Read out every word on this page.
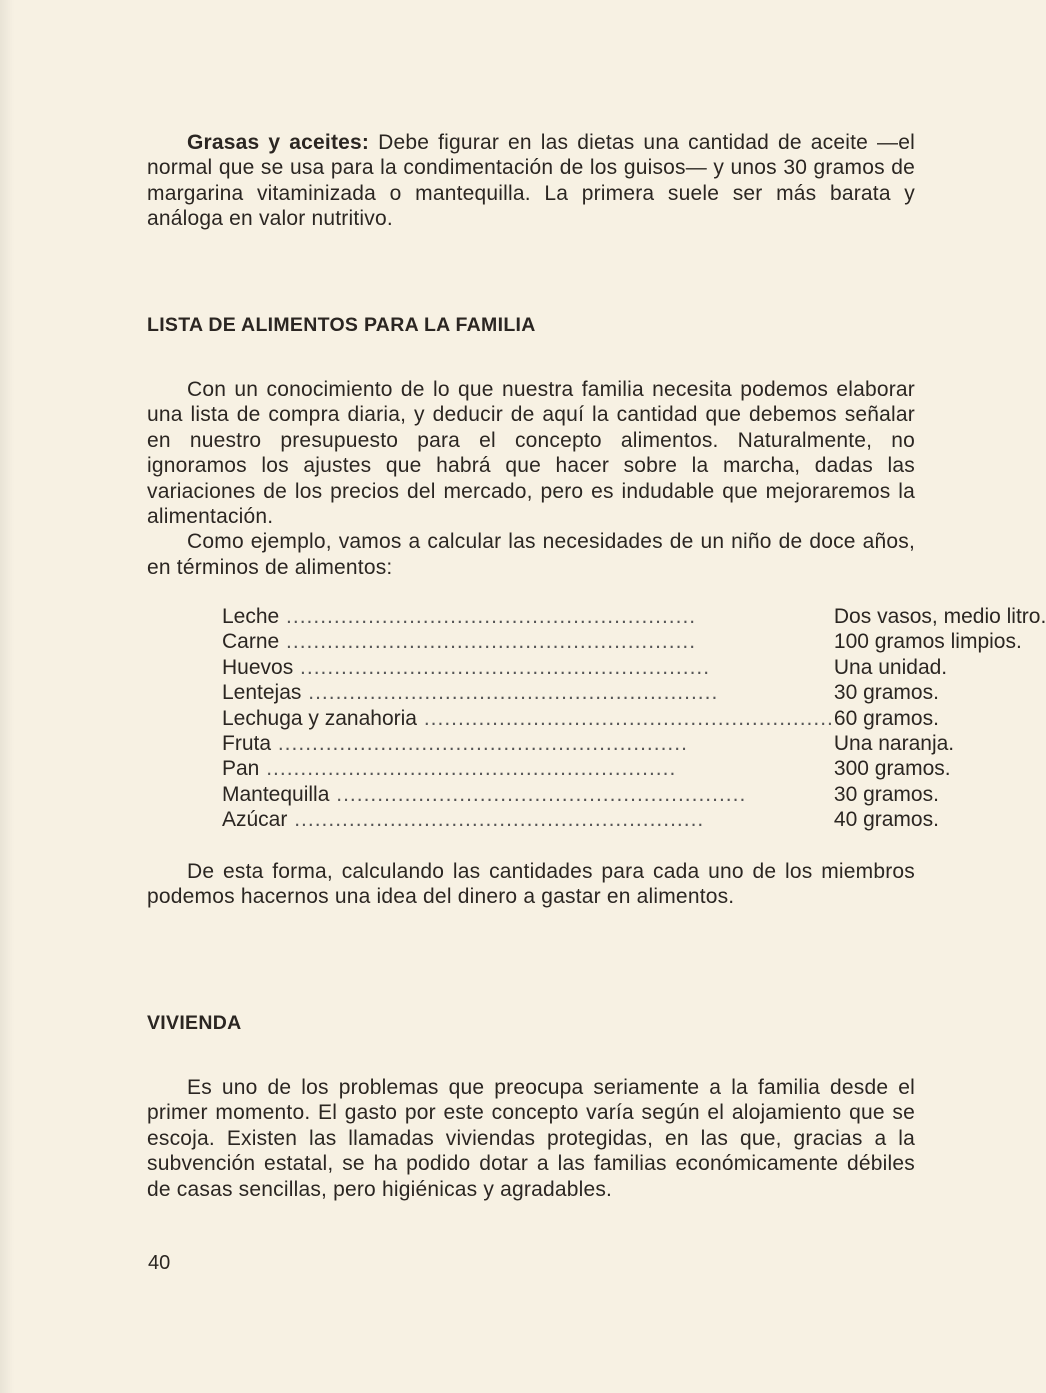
Grasas y aceites: Debe figurar en las dietas una cantidad de aceite —el normal que se usa para la condimentación de los guisos— y unos 30 gramos de margarina vitaminizada o mantequilla. La primera suele ser más barata y análoga en valor nutritivo.

LISTA DE ALIMENTOS PARA LA FAMILIA

Con un conocimiento de lo que nuestra familia necesita podemos elaborar una lista de compra diaria, y deducir de aquí la cantidad que debemos señalar en nuestro presupuesto para el concepto alimentos. Naturalmente, no ignoramos los ajustes que habrá que hacer sobre la marcha, dadas las variaciones de los precios del mercado, pero es indudable que mejoraremos la alimentación.

Como ejemplo, vamos a calcular las necesidades de un niño de doce años, en términos de alimentos:

Leche ............................................................	Dos vasos, medio litro.
Carne ............................................................	100 gramos limpios.
Huevos ............................................................	Una unidad.
Lentejas ............................................................	30 gramos.
Lechuga y zanahoria ............................................................	60 gramos.
Fruta ............................................................	Una naranja.
Pan ............................................................	300 gramos.
Mantequilla ............................................................	30 gramos.
Azúcar ............................................................	40 gramos.

De esta forma, calculando las cantidades para cada uno de los miembros podemos hacernos una idea del dinero a gastar en alimentos.

VIVIENDA

Es uno de los problemas que preocupa seriamente a la familia desde el primer momento. El gasto por este concepto varía según el alojamiento que se escoja. Existen las llamadas viviendas protegidas, en las que, gracias a la subvención estatal, se ha podido dotar a las familias económicamente débiles de casas sencillas, pero higiénicas y agradables.

40
